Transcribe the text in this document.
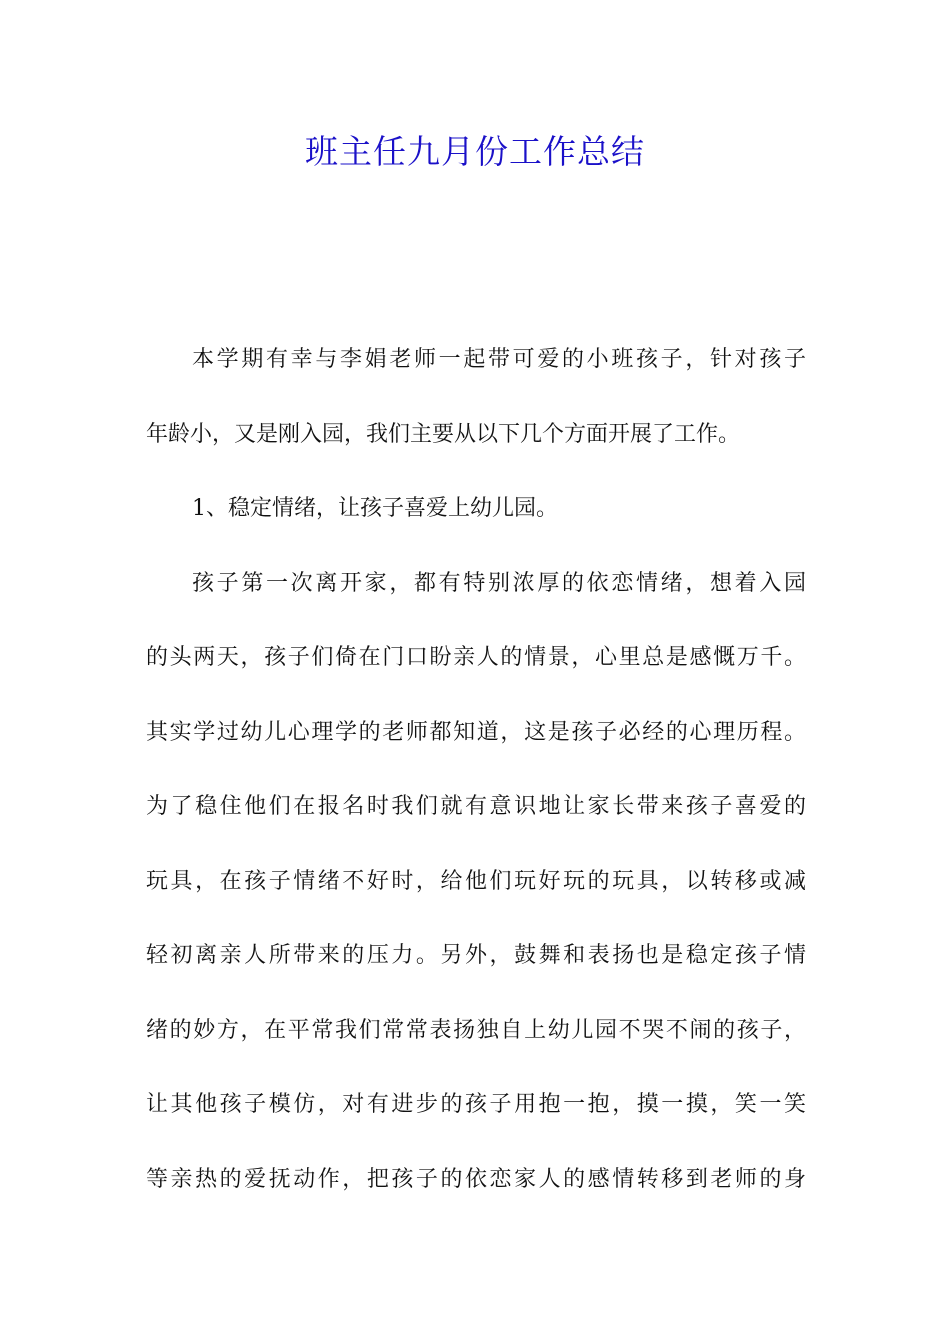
班主任九月份工作总结
本学期有幸与李娟老师一起带可爱的小班孩子，针对孩子
年龄小，又是刚入园，我们主要从以下几个方面开展了工作。
1、稳定情绪，让孩子喜爱上幼儿园。
孩子第一次离开家，都有特别浓厚的依恋情绪，想着入园
的头两天，孩子们倚在门口盼亲人的情景，心里总是感慨万千。
其实学过幼儿心理学的老师都知道，这是孩子必经的心理历程。
为了稳住他们在报名时我们就有意识地让家长带来孩子喜爱的
玩具，在孩子情绪不好时，给他们玩好玩的玩具，以转移或减
轻初离亲人所带来的压力。另外，鼓舞和表扬也是稳定孩子情
绪的妙方，在平常我们常常表扬独自上幼儿园不哭不闹的孩子，
让其他孩子模仿，对有进步的孩子用抱一抱，摸一摸，笑一笑
等亲热的爱抚动作，把孩子的依恋家人的感情转移到老师的身
